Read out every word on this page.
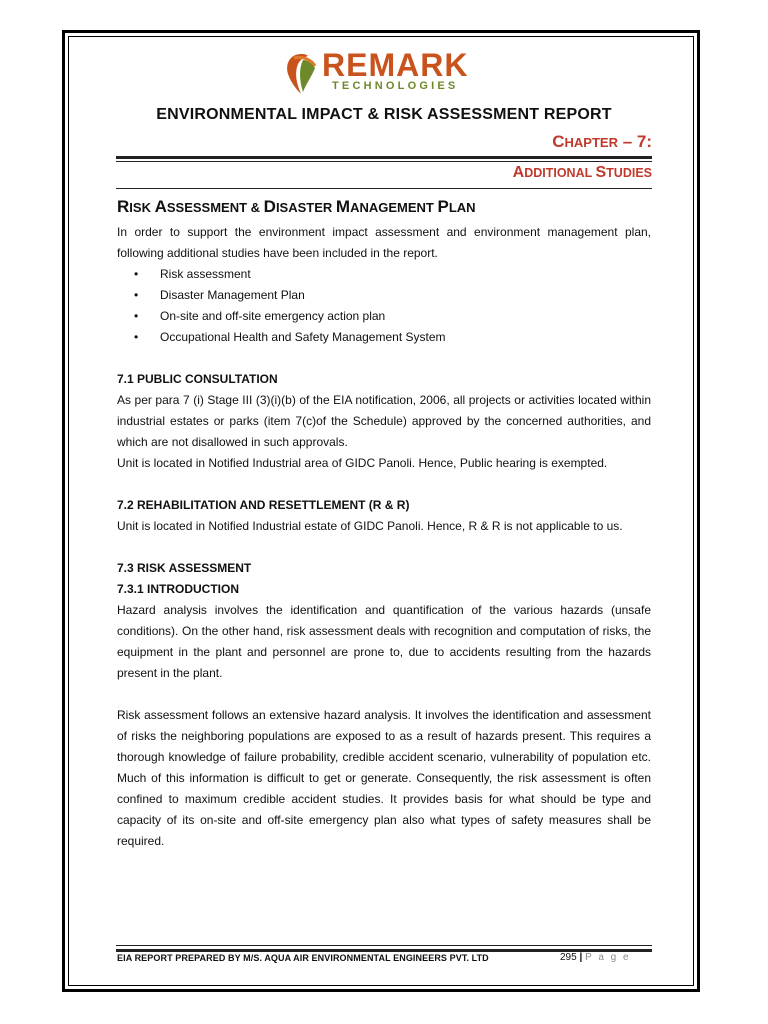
REMARK
TECHNOLOGIES
ENVIRONMENTAL IMPACT & RISK ASSESSMENT REPORT
CHAPTER – 7:
ADDITIONAL STUDIES
RISK ASSESSMENT & DISASTER MANAGEMENT PLAN

In order to support the environment impact assessment and environment management plan, following additional studies have been included in the report.

• Risk assessment
• Disaster Management Plan
• On-site and off-site emergency action plan
• Occupational Health and Safety Management System

7.1 PUBLIC CONSULTATION

As per para 7 (i) Stage III (3)(i)(b) of the EIA notification, 2006, all projects or activities located within industrial estates or parks (item 7(c)of the Schedule) approved by the concerned authorities, and which are not disallowed in such approvals.

Unit is located in Notified Industrial area of GIDC Panoli. Hence, Public hearing is exempted.

7.2 REHABILITATION AND RESETTLEMENT (R & R)

Unit is located in Notified Industrial estate of GIDC Panoli. Hence, R & R is not applicable to us.

7.3 RISK ASSESSMENT

7.3.1 INTRODUCTION

Hazard analysis involves the identification and quantification of the various hazards (unsafe conditions). On the other hand, risk assessment deals with recognition and computation of risks, the equipment in the plant and personnel are prone to, due to accidents resulting from the hazards present in the plant.

Risk assessment follows an extensive hazard analysis. It involves the identification and assessment of risks the neighboring populations are exposed to as a result of hazards present. This requires a thorough knowledge of failure probability, credible accident scenario, vulnerability of population etc. Much of this information is difficult to get or generate. Consequently, the risk assessment is often confined to maximum credible accident studies. It provides basis for what should be type and capacity of its on-site and off-site emergency plan also what types of safety measures shall be required.

EIA REPORT PREPARED BY M/S. AQUA AIR ENVIRONMENTAL ENGINEERS PVT. LTD	295 | P a g e
